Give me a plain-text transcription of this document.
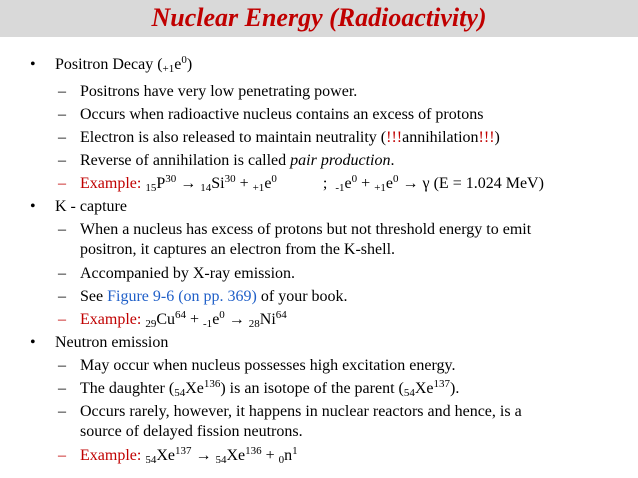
Nuclear Energy (Radioactivity)
• Positron Decay $(_{+1}e^0)$
– Positrons have very low penetrating power.
– Occurs when radioactive nucleus contains an excess of protons
– Electron is also released to maintain neutrality (!!!annihilation!!!)
– Reverse of annihilation is called pair production.
– Example: $_{15}P^{30} \to _{14}Si^{30} + _{+1}e^0$	; $_{-1}e^0 + _{+1}e^0 \to \gamma$ (E = 1.024 MeV)
• K - capture
– When a nucleus has excess of protons but not threshold energy to emit
positron, it captures an electron from the K-shell.
– Accompanied by X-ray emission.
– See Figure 9-6 (on pp. 369) of your book.
– Example: $_{29}Cu^{64} + _{-1}e^0 \to _{28}Ni^{64}$
• Neutron emission
– May occur when nucleus possesses high excitation energy.
– The daughter $(_{54}Xe^{136})$ is an isotope of the parent $(_{54}Xe^{137})$.
– Occurs rarely, however, it happens in nuclear reactors and hence, is a
source of delayed fission neutrons.
– Example: $_{54}Xe^{137} \to _{54}Xe^{136} + _0n^1$
